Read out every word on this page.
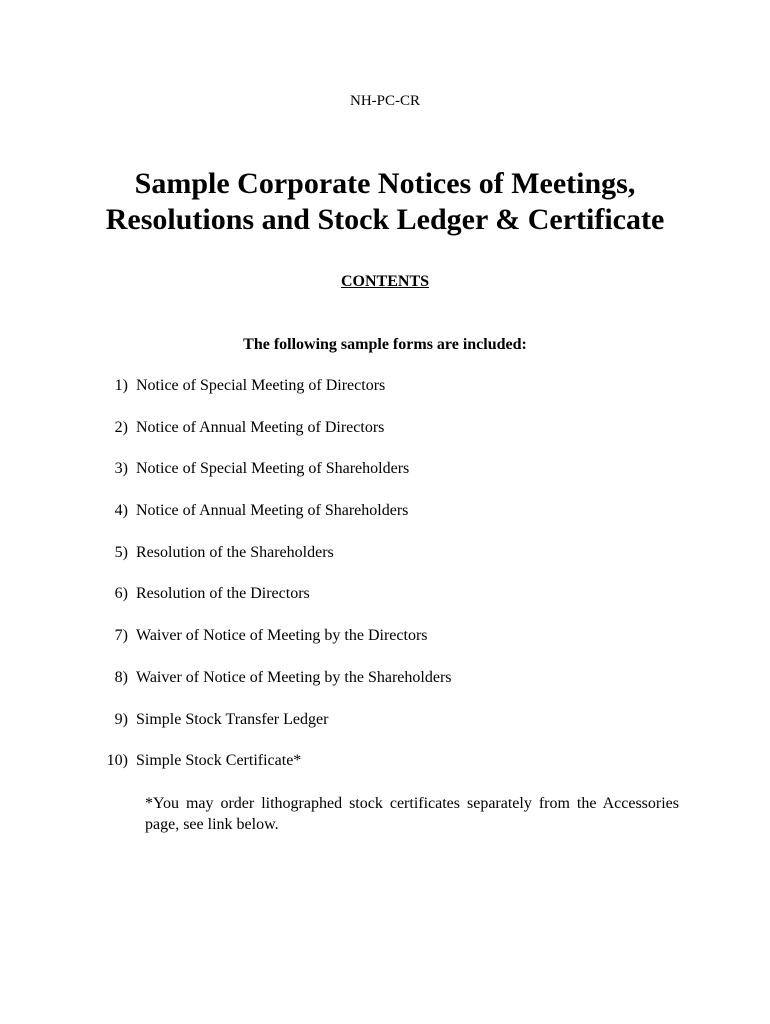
NH-PC-CR
Sample Corporate Notices of Meetings,
Resolutions and Stock Ledger & Certificate
CONTENTS
The following sample forms are included:
1) Notice of Special Meeting of Directors
2) Notice of Annual Meeting of Directors
3) Notice of Special Meeting of Shareholders
4) Notice of Annual Meeting of Shareholders
5) Resolution of the Shareholders
6) Resolution of the Directors
7) Waiver of Notice of Meeting by the Directors
8) Waiver of Notice of Meeting by the Shareholders
9) Simple Stock Transfer Ledger
10) Simple Stock Certificate*

*You may order lithographed stock certificates separately from the Accessories page, see link below.
